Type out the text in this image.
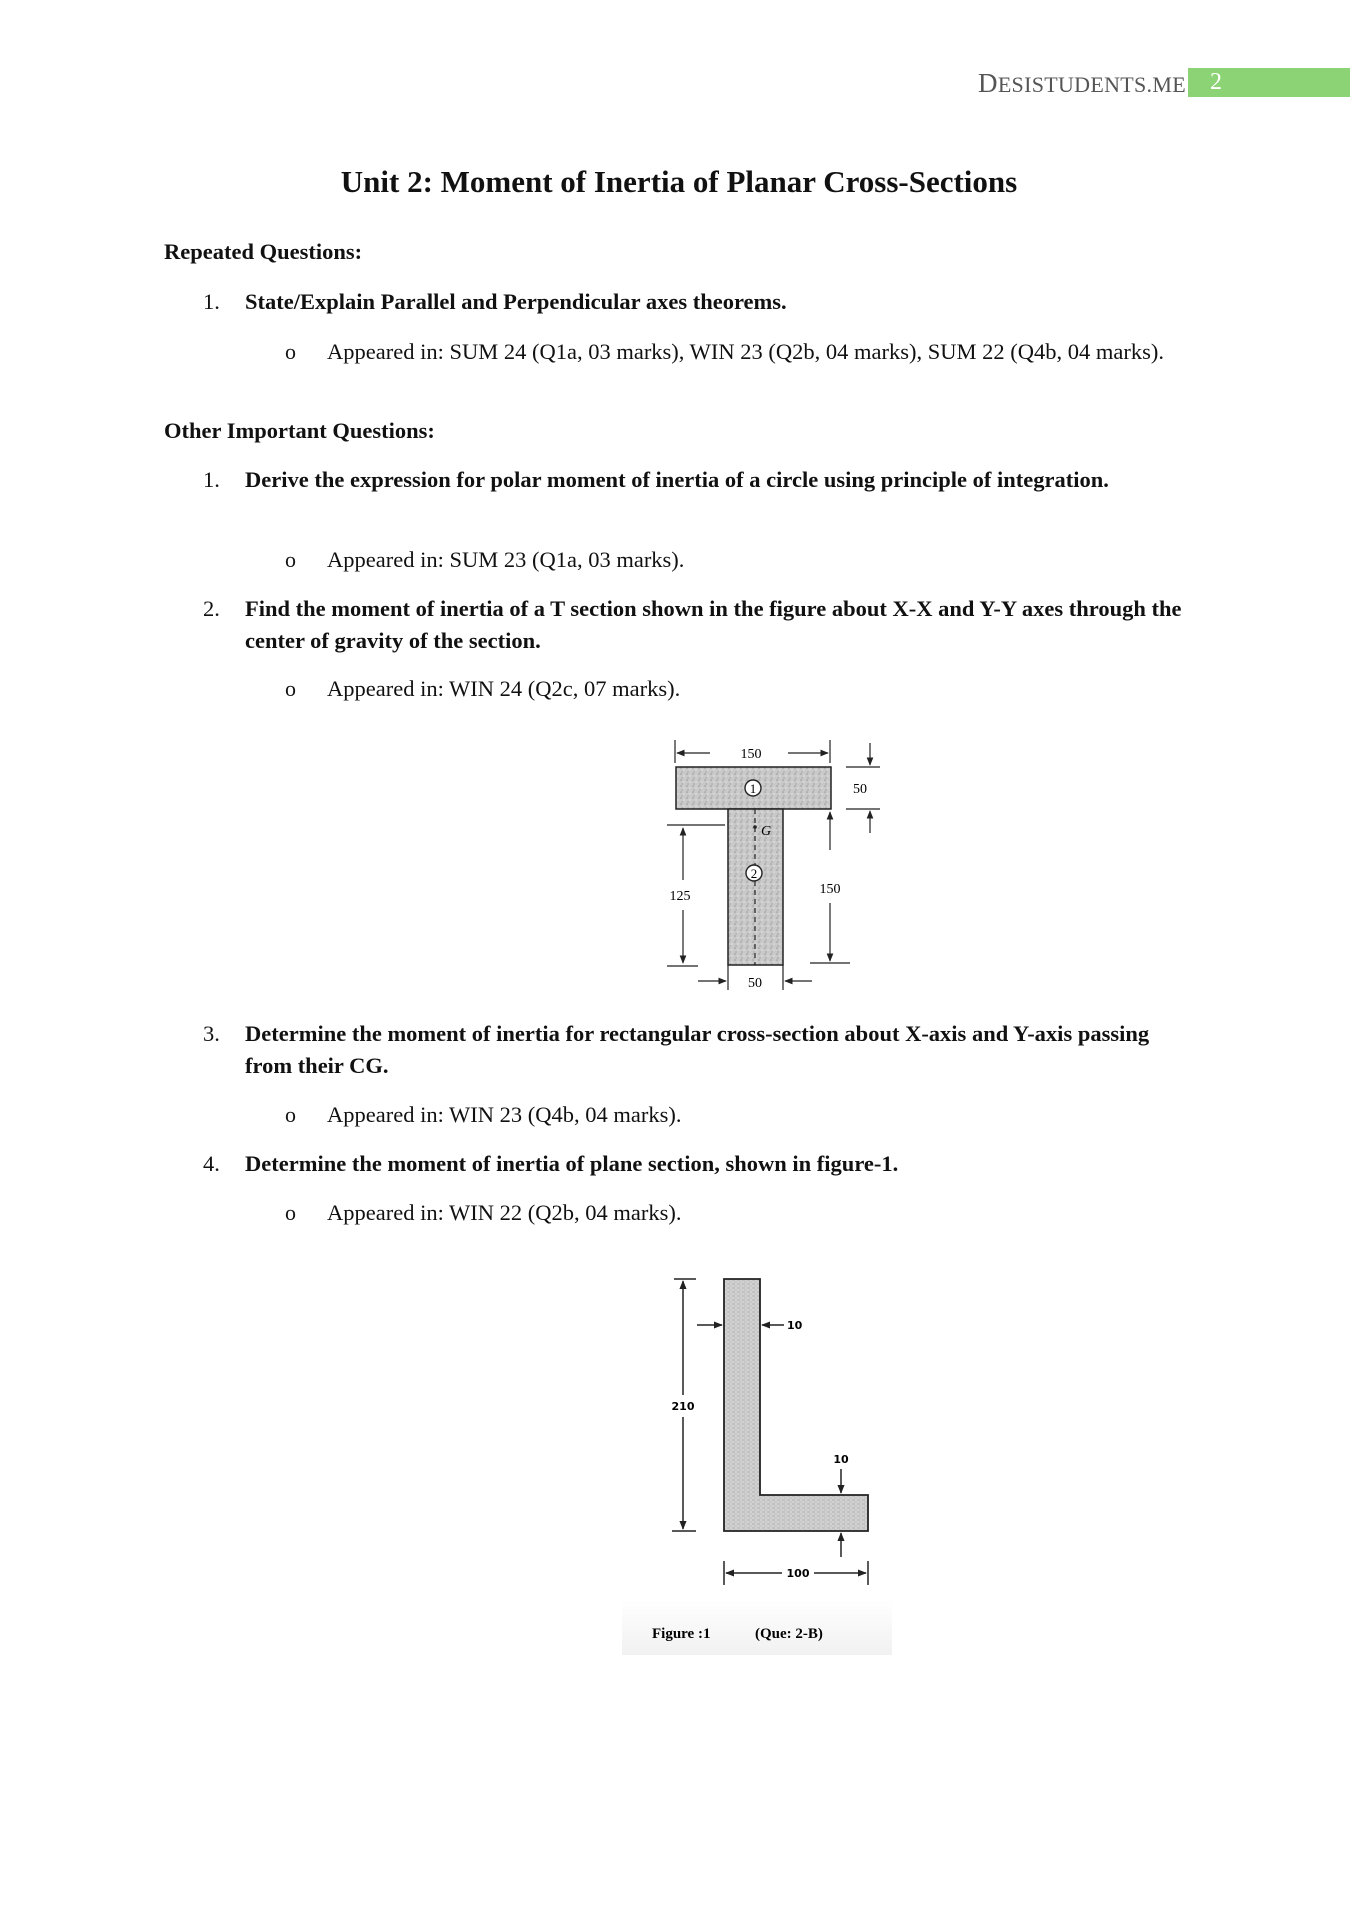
DESISTUDENTS.ME 2
Unit 2: Moment of Inertia of Planar Cross-Sections
Repeated Questions:
1. State/Explain Parallel and Perpendicular axes theorems.
o Appeared in: SUM 24 (Q1a, 03 marks), WIN 23 (Q2b, 04 marks), SUM 22 (Q4b, 04 marks).
Other Important Questions:
1. Derive the expression for polar moment of inertia of a circle using principle of integration.
o Appeared in: SUM 23 (Q1a, 03 marks).
2. Find the moment of inertia of a T section shown in the figure about X-X and Y-Y axes through the center of gravity of the section.
o Appeared in: WIN 24 (Q2c, 07 marks).
1
2
G
150
50
150
125
50
3. Determine the moment of inertia for rectangular cross-section about X-axis and Y-axis passing from their CG.
o Appeared in: WIN 23 (Q4b, 04 marks).
4. Determine the moment of inertia of plane section, shown in figure-1.
o Appeared in: WIN 22 (Q2b, 04 marks).
210
10
10
100
Figure :1	(Que: 2-B)
